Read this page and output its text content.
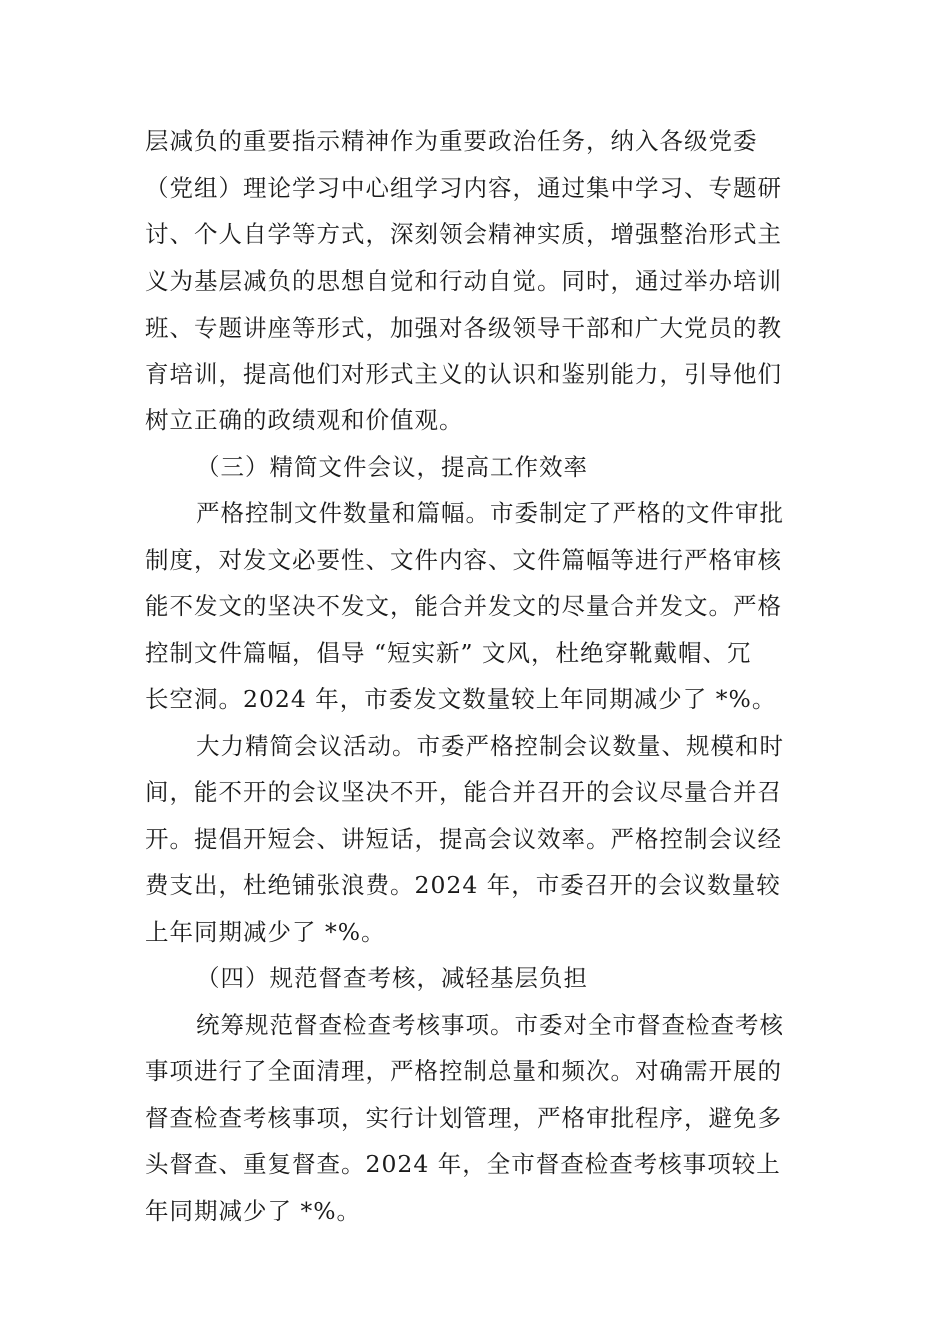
层减负的重要指示精神作为重要政治任务，纳入各级党委
（党组）理论学习中心组学习内容，通过集中学习、专题研
讨、个人自学等方式，深刻领会精神实质，增强整治形式主
义为基层减负的思想自觉和行动自觉。同时，通过举办培训
班、专题讲座等形式，加强对各级领导干部和广大党员的教
育培训，提高他们对形式主义的认识和鉴别能力，引导他们
树立正确的政绩观和价值观。
（三）精简文件会议，提高工作效率
严格控制文件数量和篇幅。市委制定了严格的文件审批
制度，对发文必要性、文件内容、文件篇幅等进行严格审核
能不发文的坚决不发文，能合并发文的尽量合并发文。严格
控制文件篇幅，倡导 “短实新” 文风，杜绝穿靴戴帽、冗
长空洞。2024 年，市委发文数量较上年同期减少了 *%。
大力精简会议活动。市委严格控制会议数量、规模和时
间，能不开的会议坚决不开，能合并召开的会议尽量合并召
开。提倡开短会、讲短话，提高会议效率。严格控制会议经
费支出，杜绝铺张浪费。2024 年，市委召开的会议数量较
上年同期减少了 *%。
（四）规范督查考核，减轻基层负担
统筹规范督查检查考核事项。市委对全市督查检查考核
事项进行了全面清理，严格控制总量和频次。对确需开展的
督查检查考核事项，实行计划管理，严格审批程序，避免多
头督查、重复督查。2024 年，全市督查检查考核事项较上
年同期减少了 *%。
